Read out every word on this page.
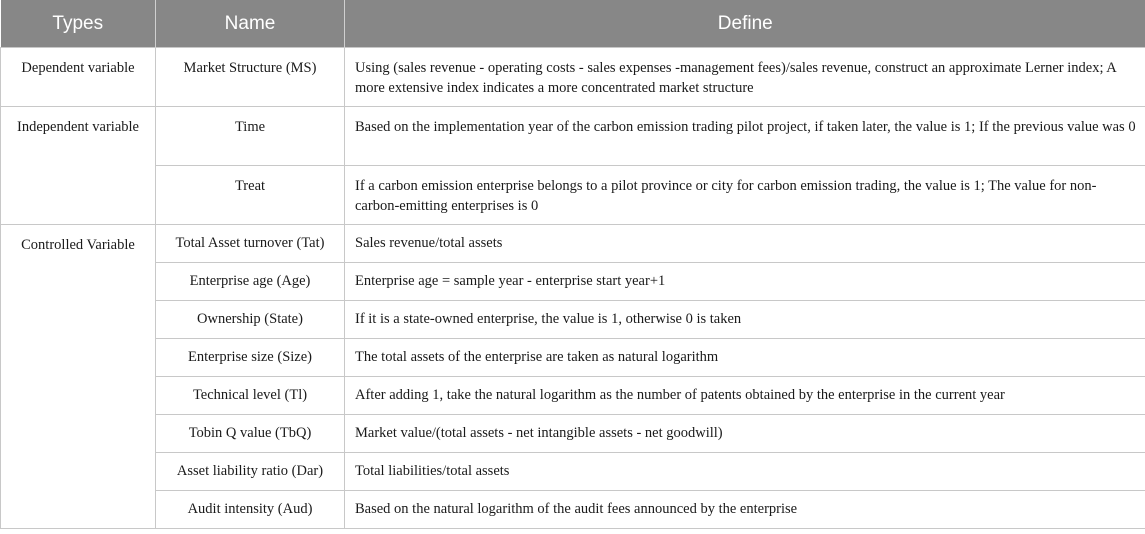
Types	Name	Define
Dependent variable	Market Structure (MS)	Using (sales revenue - operating costs - sales expenses -management fees)/sales revenue, construct an approximate Lerner index; A more extensive index indicates a more concentrated market structure
Independent variable	Time	Based on the implementation year of the carbon emission trading pilot project, if taken later, the value is 1; If the previous value was 0
	Treat	If a carbon emission enterprise belongs to a pilot province or city for carbon emission trading, the value is 1; The value for non-carbon-emitting enterprises is 0
Controlled Variable	Total Asset turnover (Tat)	Sales revenue/total assets
	Enterprise age (Age)	Enterprise age = sample year - enterprise start year+1
	Ownership (State)	If it is a state-owned enterprise, the value is 1, otherwise 0 is taken
	Enterprise size (Size)	The total assets of the enterprise are taken as natural logarithm
	Technical level (Tl)	After adding 1, take the natural logarithm as the number of patents obtained by the enterprise in the current year
	Tobin Q value (TbQ)	Market value/(total assets - net intangible assets - net goodwill)
	Asset liability ratio (Dar)	Total liabilities/total assets
	Audit intensity (Aud)	Based on the natural logarithm of the audit fees announced by the enterprise
